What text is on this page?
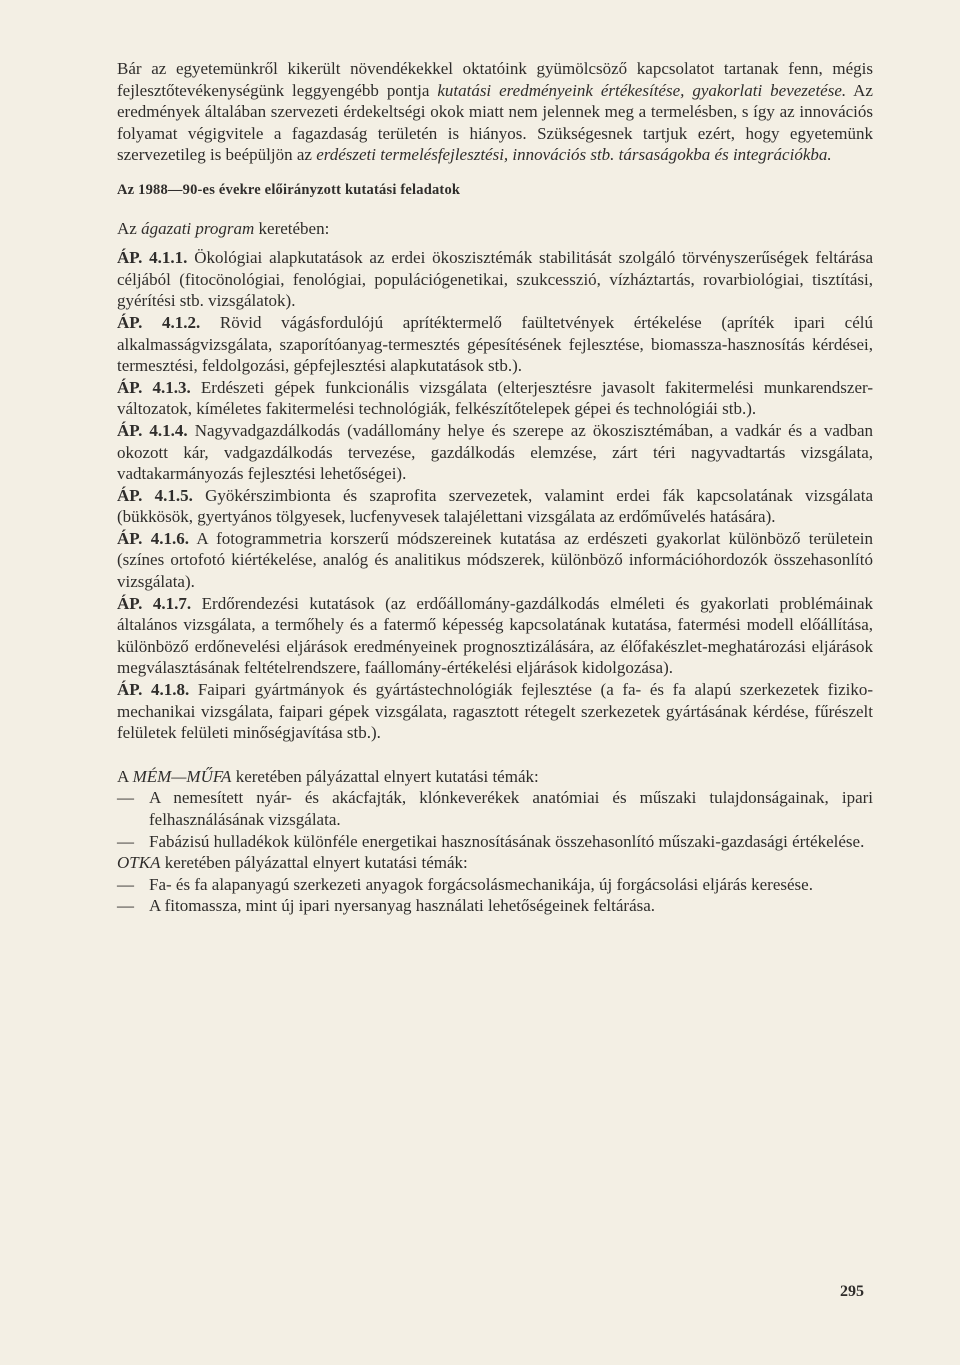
Bár az egyetemünkről kikerült növendékekkel oktatóink gyümölcsöző kapcsolatot tartanak fenn, mégis fejlesztőtevékenységünk leggyengébb pontja kutatási eredményeink értékesítése, gyakorlati bevezetése. Az eredmények általában szervezeti érdekeltségi okok miatt nem jelennek meg a termelésben, s így az innovációs folyamat végigvitele a fagazdaság területén is hiányos. Szükségesnek tartjuk ezért, hogy egyetemünk szervezetileg is beépüljön az erdészeti termelésfejlesztési, innovációs stb. társaságokba és integrációkba.

Az 1988—90-es évekre előirányzott kutatási feladatok

Az ágazati program keretében:

ÁP. 4.1.1. Ökológiai alapkutatások az erdei ökoszisztémák stabilitását szolgáló törvényszerűségek feltárása céljából (fitocönológiai, fenológiai, populációgenetikai, szukcesszió, vízháztartás, rovarbiológiai, tisztítási, gyérítési stb. vizsgálatok).

ÁP. 4.1.2. Rövid vágásfordulójú aprítéktermelő faültetvények értékelése (apríték ipari célú alkalmasságvizsgálata, szaporítóanyag-termesztés gépesítésének fejlesztése, biomassza-hasznosítás kérdései, termesztési, feldolgozási, gépfejlesztési alapkutatások stb.).

ÁP. 4.1.3. Erdészeti gépek funkcionális vizsgálata (elterjesztésre javasolt fakitermelési munkarendszer-változatok, kíméletes fakitermelési technológiák, felkészítőtelepek gépei és technológiái stb.).

ÁP. 4.1.4. Nagyvadgazdálkodás (vadállomány helye és szerepe az ökoszisztémában, a vadkár és a vadban okozott kár, vadgazdálkodás tervezése, gazdálkodás elemzése, zárt téri nagyvadtartás vizsgálata, vadtakarmányozás fejlesztési lehetőségei).

ÁP. 4.1.5. Gyökérszimbionta és szaprofita szervezetek, valamint erdei fák kapcsolatának vizsgálata (bükkösök, gyertyános tölgyesek, lucfenyvesek talajélettani vizsgálata az erdőművelés hatására).

ÁP. 4.1.6. A fotogrammetria korszerű módszereinek kutatása az erdészeti gyakorlat különböző területein (színes ortofotó kiértékelése, analóg és analitikus módszerek, különböző információhordozók összehasonlító vizsgálata).

ÁP. 4.1.7. Erdőrendezési kutatások (az erdőállomány-gazdálkodás elméleti és gyakorlati problémáinak általános vizsgálata, a termőhely és a fatermő képesség kapcsolatának kutatása, fatermési modell előállítása, különböző erdőnevelési eljárások eredményeinek prognosztizálására, az élőfakészlet-meghatározási eljárások megválasztásának feltételrendszere, faállomány-értékelési eljárások kidolgozása).

ÁP. 4.1.8. Faipari gyártmányok és gyártástechnológiák fejlesztése (a fa- és fa alapú szerkezetek fiziko-mechanikai vizsgálata, faipari gépek vizsgálata, ragasztott rétegelt szerkezetek gyártásának kérdése, fűrészelt felületek felületi minőségjavítása stb.).

A MÉM—MŰFA keretében pályázattal elnyert kutatási témák:

— A nemesített nyár- és akácfajták, klónkeverékek anatómiai és műszaki tulajdonságainak, ipari felhasználásának vizsgálata.
— Fabázisú hulladékok különféle energetikai hasznosításának összehasonlító műszaki-gazdasági értékelése.

OTKA keretében pályázattal elnyert kutatási témák:

— Fa- és fa alapanyagú szerkezeti anyagok forgácsolásmechanikája, új forgácsolási eljárás keresése.
— A fitomassza, mint új ipari nyersanyag használati lehetőségeinek feltárása.
295
